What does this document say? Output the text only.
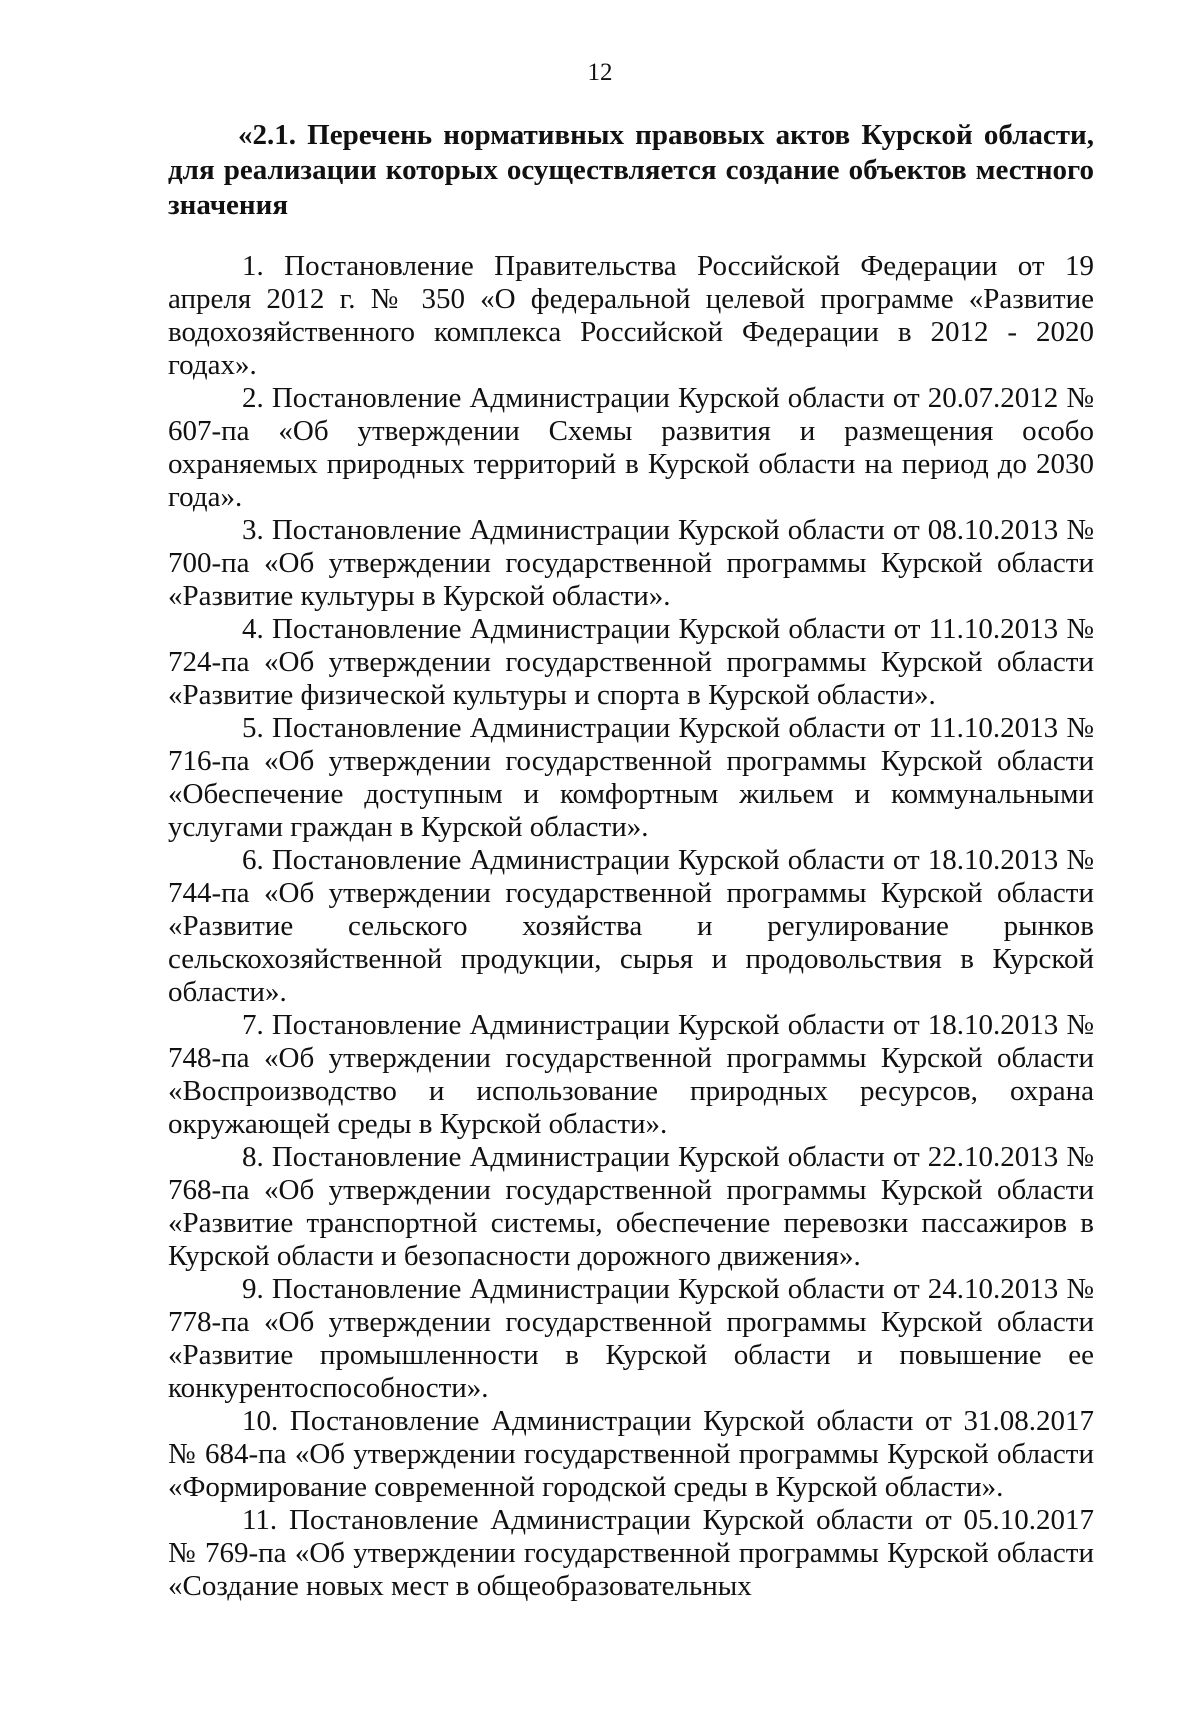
12
«2.1. Перечень нормативных правовых актов Курской области, для реализации которых осуществляется создание объектов местного значения

1. Постановление Правительства Российской Федерации от 19 апреля 2012 г. № 350 «О федеральной целевой программе «Развитие водохозяйственного комплекса Российской Федерации в 2012 - 2020 годах».

2. Постановление Администрации Курской области от 20.07.2012 № 607-па «Об утверждении Схемы развития и размещения особо охраняемых природных территорий в Курской области на период до 2030 года».

3. Постановление Администрации Курской области от 08.10.2013 № 700-па «Об утверждении государственной программы Курской области «Развитие культуры в Курской области».

4. Постановление Администрации Курской области от 11.10.2013 № 724-па «Об утверждении государственной программы Курской области «Развитие физической культуры и спорта в Курской области».

5. Постановление Администрации Курской области от 11.10.2013 № 716-па «Об утверждении государственной программы Курской области «Обеспечение доступным и комфортным жильем и коммунальными услугами граждан в Курской области».

6. Постановление Администрации Курской области от 18.10.2013 № 744-па «Об утверждении государственной программы Курской области «Развитие сельского хозяйства и регулирование рынков сельскохозяйственной продукции, сырья и продовольствия в Курской области».

7. Постановление Администрации Курской области от 18.10.2013 № 748-па «Об утверждении государственной программы Курской области «Воспроизводство и использование природных ресурсов, охрана окружающей среды в Курской области».

8. Постановление Администрации Курской области от 22.10.2013 № 768-па «Об утверждении государственной программы Курской области «Развитие транспортной системы, обеспечение перевозки пассажиров в Курской области и безопасности дорожного движения».

9. Постановление Администрации Курской области от 24.10.2013 № 778-па «Об утверждении государственной программы Курской области «Развитие промышленности в Курской области и повышение ее конкурентоспособности».

10. Постановление Администрации Курской области от 31.08.2017 № 684-па «Об утверждении государственной программы Курской области «Формирование современной городской среды в Курской области».

11. Постановление Администрации Курской области от 05.10.2017 № 769-па «Об утверждении государственной программы Курской области «Создание новых мест в общеобразовательных
